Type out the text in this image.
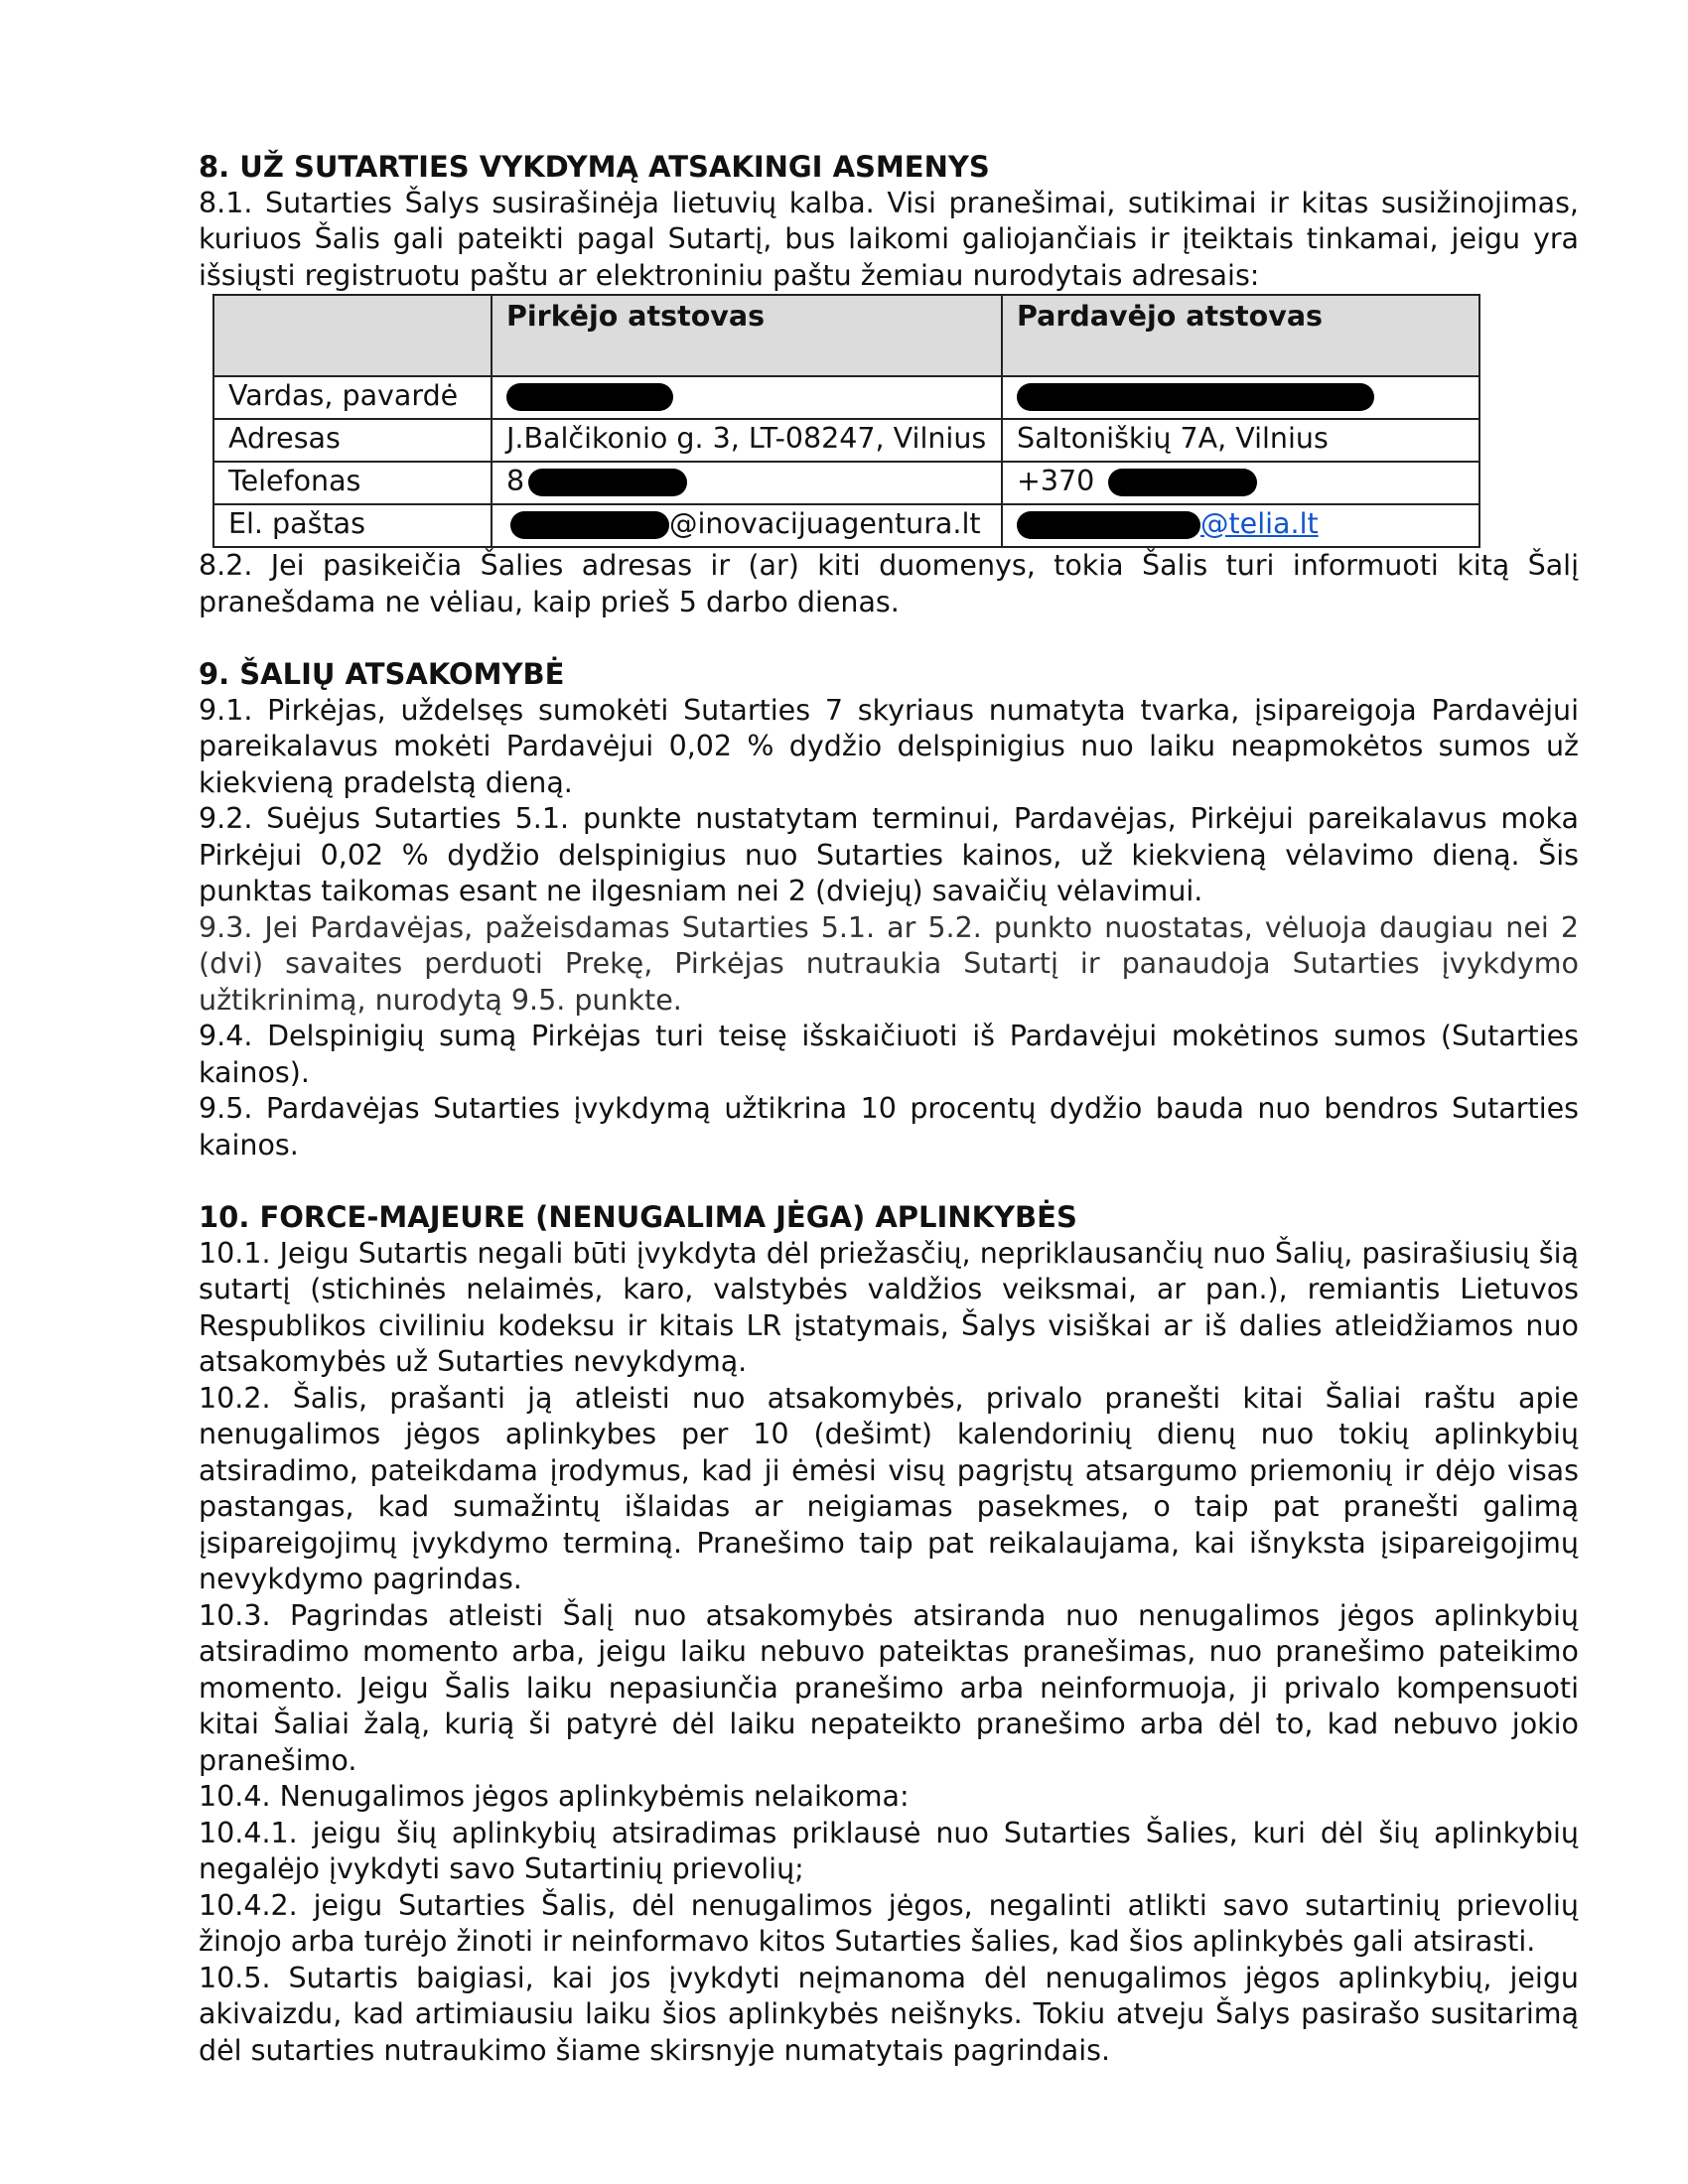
8. UŽ SUTARTIES VYKDYMĄ ATSAKINGI ASMENYS

8.1. Sutarties Šalys susirašinėja lietuvių kalba. Visi pranešimai, sutikimai ir kitas susižinojimas, kuriuos Šalis gali pateikti pagal Sutartį, bus laikomi galiojančiais ir įteiktais tinkamai, jeigu yra išsiųsti registruotu paštu ar elektroniniu paštu žemiau nurodytais adresais:

	Pirkėjo atstovas	Pardavėjo atstovas
Vardas, pavardė		
Adresas	J.Balčikonio g. 3, LT-08247, Vilnius	Saltoniškių 7A, Vilnius
Telefonas	8	+370
El. paštas	@inovacijuagentura.lt	@telia.lt

8.2. Jei pasikeičia Šalies adresas ir (ar) kiti duomenys, tokia Šalis turi informuoti kitą Šalį pranešdama ne vėliau, kaip prieš 5 darbo dienas.

9. ŠALIŲ ATSAKOMYBĖ

9.1. Pirkėjas, uždelsęs sumokėti Sutarties 7 skyriaus numatyta tvarka, įsipareigoja Pardavėjui pareikalavus mokėti Pardavėjui 0,02 % dydžio delspinigius nuo laiku neapmokėtos sumos už kiekvieną pradelstą dieną.

9.2. Suėjus Sutarties 5.1. punkte nustatytam terminui, Pardavėjas, Pirkėjui pareikalavus moka Pirkėjui 0,02 % dydžio delspinigius nuo Sutarties kainos, už kiekvieną vėlavimo dieną. Šis punktas taikomas esant ne ilgesniam nei 2 (dviejų) savaičių vėlavimui.

9.3. Jei Pardavėjas, pažeisdamas Sutarties 5.1. ar 5.2. punkto nuostatas, vėluoja daugiau nei 2 (dvi) savaites perduoti Prekę, Pirkėjas nutraukia Sutartį ir panaudoja Sutarties įvykdymo užtikrinimą, nurodytą 9.5. punkte.

9.4. Delspinigių sumą Pirkėjas turi teisę išskaičiuoti iš Pardavėjui mokėtinos sumos (Sutarties kainos).

9.5. Pardavėjas Sutarties įvykdymą užtikrina 10 procentų dydžio bauda nuo bendros Sutarties kainos.

10. FORCE-MAJEURE (NENUGALIMA JĖGA) APLINKYBĖS

10.1. Jeigu Sutartis negali būti įvykdyta dėl priežasčių, nepriklausančių nuo Šalių, pasirašiusių šią sutartį (stichinės nelaimės, karo, valstybės valdžios veiksmai, ar pan.), remiantis Lietuvos Respublikos civiliniu kodeksu ir kitais LR įstatymais, Šalys visiškai ar iš dalies atleidžiamos nuo atsakomybės už Sutarties nevykdymą.

10.2. Šalis, prašanti ją atleisti nuo atsakomybės, privalo pranešti kitai Šaliai raštu apie nenugalimos jėgos aplinkybes per 10 (dešimt) kalendorinių dienų nuo tokių aplinkybių atsiradimo, pateikdama įrodymus, kad ji ėmėsi visų pagrįstų atsargumo priemonių ir dėjo visas pastangas, kad sumažintų išlaidas ar neigiamas pasekmes, o taip pat pranešti galimą įsipareigojimų įvykdymo terminą. Pranešimo taip pat reikalaujama, kai išnyksta įsipareigojimų nevykdymo pagrindas.

10.3. Pagrindas atleisti Šalį nuo atsakomybės atsiranda nuo nenugalimos jėgos aplinkybių atsiradimo momento arba, jeigu laiku nebuvo pateiktas pranešimas, nuo pranešimo pateikimo momento. Jeigu Šalis laiku nepasiunčia pranešimo arba neinformuoja, ji privalo kompensuoti kitai Šaliai žalą, kurią ši patyrė dėl laiku nepateikto pranešimo arba dėl to, kad nebuvo jokio pranešimo.

10.4. Nenugalimos jėgos aplinkybėmis nelaikoma:

10.4.1. jeigu šių aplinkybių atsiradimas priklausė nuo Sutarties Šalies, kuri dėl šių aplinkybių negalėjo įvykdyti savo Sutartinių prievolių;

10.4.2. jeigu Sutarties Šalis, dėl nenugalimos jėgos, negalinti atlikti savo sutartinių prievolių žinojo arba turėjo žinoti ir neinformavo kitos Sutarties šalies, kad šios aplinkybės gali atsirasti.

10.5. Sutartis baigiasi, kai jos įvykdyti neįmanoma dėl nenugalimos jėgos aplinkybių, jeigu akivaizdu, kad artimiausiu laiku šios aplinkybės neišnyks. Tokiu atveju Šalys pasirašo susitarimą dėl sutarties nutraukimo šiame skirsnyje numatytais pagrindais.
